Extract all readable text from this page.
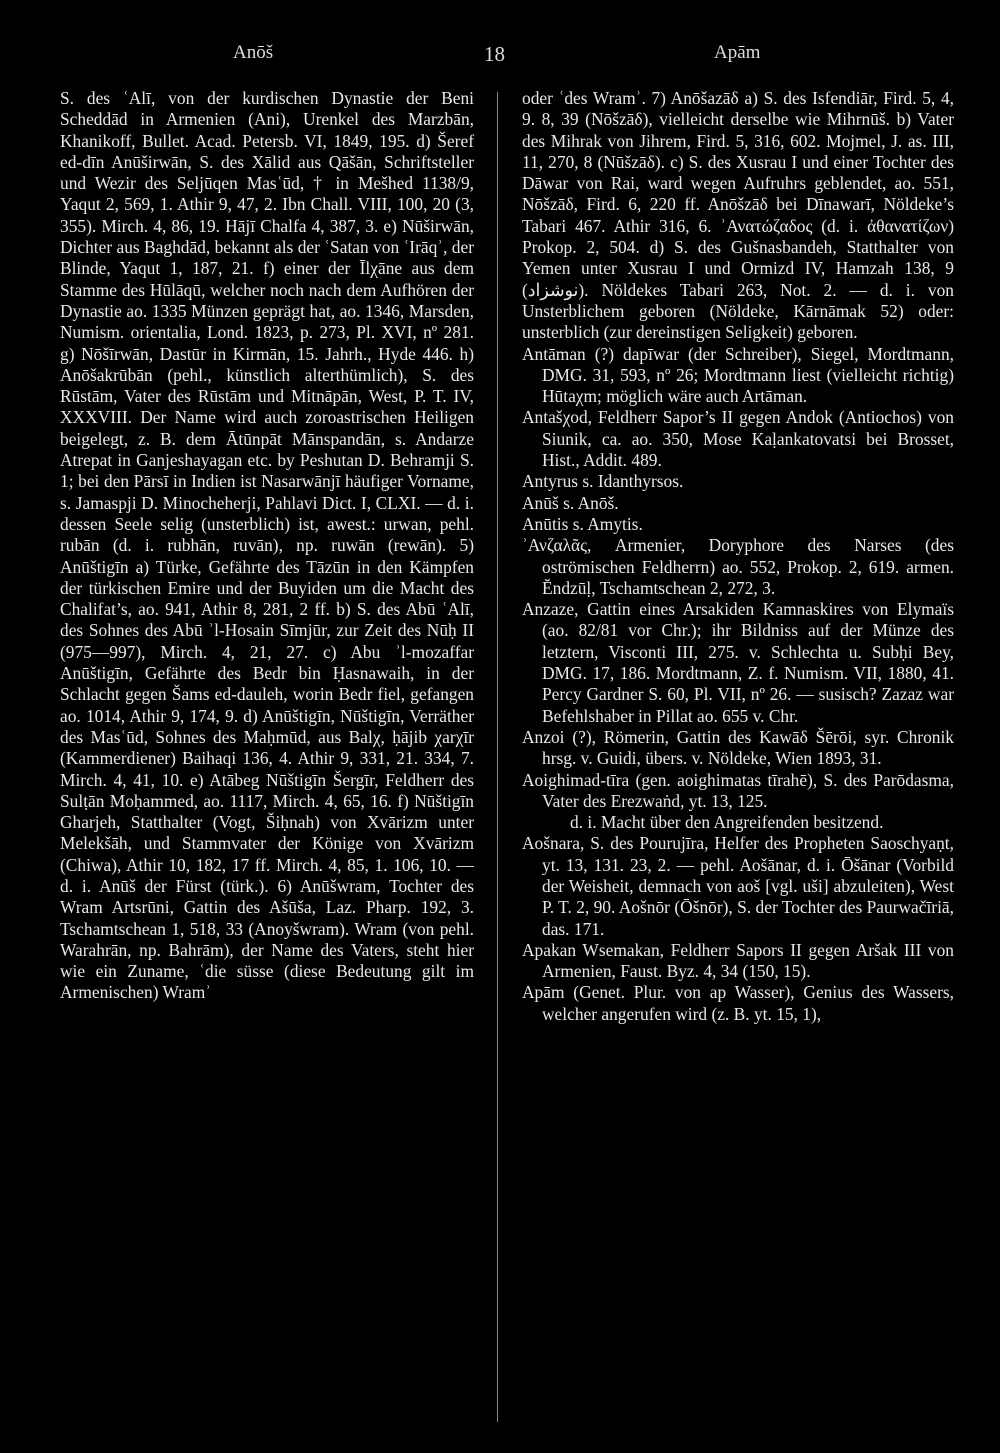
Anōš	18	Apām

S. des ʿAlī, von der kurdischen Dynastie der Beni Scheddād in Armenien (Ani), Urenkel des Marzbān, Khanikoff, Bullet. Acad. Petersb. VI, 1849, 195. d) Šeref ed-dīn Anūširwān, S. des Xālid aus Qāšān, Schriftsteller und Wezir des Seljūqen Masʿūd, † in Mešhed 1138/9, Yaqut 2, 569, 1. Athir 9, 47, 2. Ibn Chall. VIII, 100, 20 (3, 355). Mirch. 4, 86, 19. Hājī Chalfa 4, 387, 3. e) Nūširwān, Dichter aus Baghdād, bekannt als der ʿSatan von ʿIrāqʾ, der Blinde, Yaqut 1, 187, 21. f) einer der Īlχāne aus dem Stamme des Hūlāqū, welcher noch nach dem Aufhören der Dynastie ao. 1335 Münzen geprägt hat, ao. 1346, Marsden, Numism. orientalia, Lond. 1823, p. 273, Pl. XVI, nº 281. g) Nōšīrwān, Dastūr in Kirmān, 15. Jahrh., Hyde 446. h) Anōšakrūbān (pehl., künstlich alterthümlich), S. des Rūstām, Vater des Rūstām und Mitnāpān, West, P. T. IV, XXXVIII. Der Name wird auch zoroastrischen Heiligen beigelegt, z. B. dem Ātūnpāt Mānspandān, s. Andarze Atrepat in Ganjeshayagan etc. by Peshutan D. Behramji S. 1; bei den Pārsī in Indien ist Nasarwānjī häufiger Vorname, s. Jamaspji D. Minocheherji, Pahlavi Dict. I, CLXI. — d. i. dessen Seele selig (unsterblich) ist, awest.: urwan, pehl. rubān (d. i. rubhān, ruvān), np. ruwān (rewān). 5) Anūštigīn a) Türke, Gefährte des Tāzūn in den Kämpfen der türkischen Emire und der Buyiden um die Macht des Chalifat’s, ao. 941, Athir 8, 281, 2 ff. b) S. des Abū ʿAlī, des Sohnes des Abū ʾl-Hosain Sīmjūr, zur Zeit des Nūḥ II (975—997), Mirch. 4, 21, 27. c) Abu ʾl-mozaffar Anūštigīn, Gefährte des Bedr bin Ḥasnawaih, in der Schlacht gegen Šams ed-dauleh, worin Bedr fiel, gefangen ao. 1014, Athir 9, 174, 9. d) Anūštigīn, Nūštigīn, Verräther des Masʿūd, Sohnes des Maḥmūd, aus Balχ, ḥājib χarχīr (Kammerdiener) Baihaqi 136, 4. Athir 9, 331, 21. 334, 7. Mirch. 4, 41, 10. e) Atābeg Nūštigīn Šergīr, Feldherr des Sulṭān Moḥammed, ao. 1117, Mirch. 4, 65, 16. f) Nūštigīn Gharjeh, Statthalter (Vogt, Šiḥnah) von Xvārizm unter Melekšāh, und Stammvater der Könige von Xvārizm (Chiwa), Athir 10, 182, 17 ff. Mirch. 4, 85, 1. 106, 10. — d. i. Anūš der Fürst (türk.). 6) Anūšwram, Tochter des Wram Artsrūni, Gattin des Ašūša, Laz. Pharp. 192, 3. Tschamtschean 1, 518, 33 (Anoyšwram). Wram (von pehl. Warahrān, np. Bahrām), der Name des Vaters, steht hier wie ein Zuname, ʿdie süsse (diese Bedeutung gilt im Armenischen) Wramʾ

oder ʿdes Wramʾ. 7) Anōšazāδ a) S. des Isfendiār, Fird. 5, 4, 9. 8, 39 (Nōšzāδ), vielleicht derselbe wie Mihrnūš. b) Vater des Mihrak von Jihrem, Fird. 5, 316, 602. Mojmel, J. as. III, 11, 270, 8 (Nūšzāδ). c) S. des Xusrau I und einer Tochter des Dāwar von Rai, ward wegen Aufruhrs geblendet, ao. 551, Nōšzāδ, Fird. 6, 220 ff. Anōšzāδ bei Dīnawarī, Nöldeke’s Tabari 467. Athir 316, 6. ʾΑνατώζαδος (d. i. ἀθανατίζων) Prokop. 2, 504. d) S. des Gušnasbandeh, Statthalter von Yemen unter Xusrau I und Ormizd IV, Hamzah 138, 9 (نوشزاد). Nöldekes Tabari 263, Not. 2. — d. i. von Unsterblichem geboren (Nöldeke, Kārnāmak 52) oder: unsterblich (zur dereinstigen Seligkeit) geboren.

Antāman (?) dapīwar (der Schreiber), Siegel, Mordtmann, DMG. 31, 593, nº 26; Mordtmann liest (vielleicht richtig) Hūtaχm; möglich wäre auch Artāman.

Antašχod, Feldherr Sapor’s II gegen Andok (Antiochos) von Siunik, ca. ao. 350, Mose Kaḷankatovatsi bei Brosset, Hist., Addit. 489.

Antyrus s. Idanthyrsos.

Anūš s. Anōš.

Anūtis s. Amytis.

ʾΑνζαλᾶς, Armenier, Doryphore des Narses (des oströmischen Feldherrn) ao. 552, Prokop. 2, 619. armen. Ĕndzūḷ, Tschamtschean 2, 272, 3.

Anzaze, Gattin eines Arsakiden Kamnaskires von Elymaïs (ao. 82/81 vor Chr.); ihr Bildniss auf der Münze des letztern, Visconti III, 275. v. Schlechta u. Subḥi Bey, DMG. 17, 186. Mordtmann, Z. f. Numism. VII, 1880, 41. Percy Gardner S. 60, Pl. VII, nº 26. — susisch? Zazaz war Befehlshaber in Pillat ao. 655 v. Chr.

Anzoi (?), Römerin, Gattin des Kawāδ Šērōi, syr. Chronik hrsg. v. Guidi, übers. v. Nöldeke, Wien 1893, 31.

Aoighimad-tīra (gen. aoighimatas tīrahē), S. des Parōdasma, Vater des Erezwaṅd, yt. 13, 125.
d. i. Macht über den Angreifenden besitzend.

Aošnara, S. des Pourujīra, Helfer des Propheten Saoschyaṇt, yt. 13, 131. 23, 2. — pehl. Aošānar, d. i. Ōšānar (Vorbild der Weisheit, demnach von aoš [vgl. uši] abzuleiten), West P. T. 2, 90. Aošnōr (Ōšnōr), S. der Tochter des Paurwačīriā, das. 171.

Apakan Wsemakan, Feldherr Sapors II gegen Aršak III von Armenien, Faust. Byz. 4, 34 (150, 15).

Apām (Genet. Plur. von ap Wasser), Genius des Wassers, welcher angerufen wird (z. B. yt. 15, 1),
